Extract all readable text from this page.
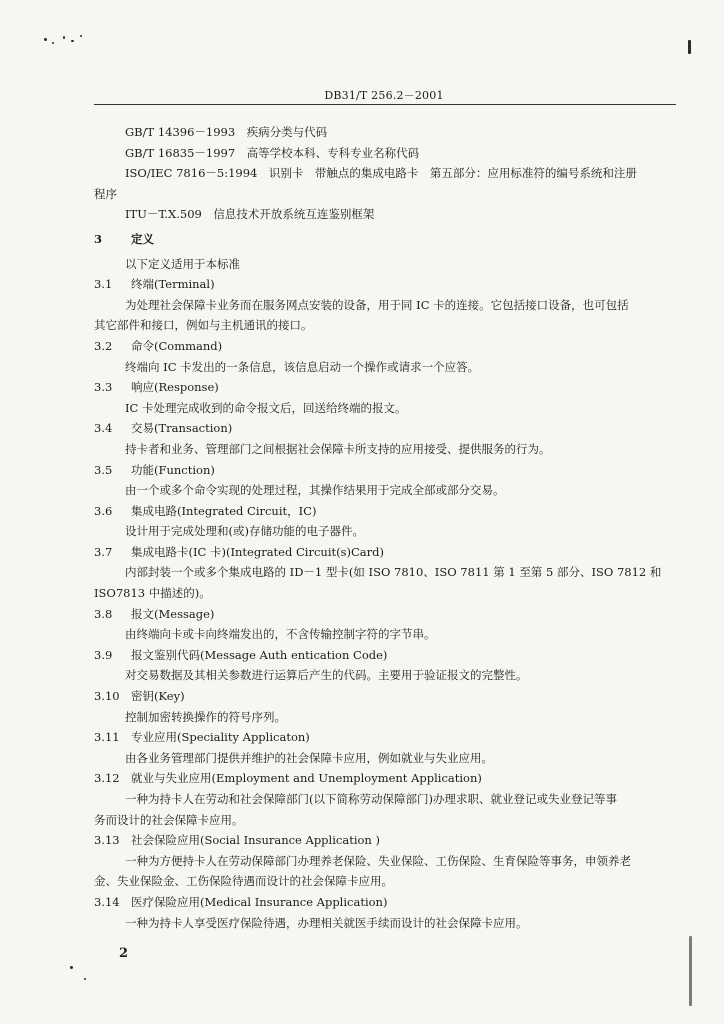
DB31/T 256.2－2001
GB/T 14396－1993　疾病分类与代码
GB/T 16835－1997　高等学校本科、专科专业名称代码
ISO/IEC 7816－5:1994　识别卡　带触点的集成电路卡　第五部分：应用标准符的编号系统和注册
程序
ITU－T.X.509　信息技术开放系统互连鉴别框架
3	定义
以下定义适用于本标准
3.1 终端(Terminal)
为处理社会保障卡业务而在服务网点安装的设备，用于同 IC 卡的连接。它包括接口设备，也可包括
其它部件和接口，例如与主机通讯的接口。
3.2 命令(Command)
终端向 IC 卡发出的一条信息，该信息启动一个操作或请求一个应答。
3.3 响应(Response)
IC 卡处理完成收到的命令报文后，回送给终端的报文。
3.4 交易(Transaction)
持卡者和业务、管理部门之间根据社会保障卡所支持的应用接受、提供服务的行为。
3.5 功能(Function)
由一个或多个命令实现的处理过程，其操作结果用于完成全部或部分交易。
3.6 集成电路(Integrated Circuit，IC)
设计用于完成处理和(或)存储功能的电子器件。
3.7 集成电路卡(IC 卡)(Integrated Circuit(s)Card)
内部封装一个或多个集成电路的 ID－1 型卡(如 ISO 7810、ISO 7811 第 1 至第 5 部分、ISO 7812 和
ISO7813 中描述的)。
3.8 报文(Message)
由终端向卡或卡向终端发出的，不含传输控制字符的字节串。
3.9 报文鉴别代码(Message Auth entication Code)
对交易数据及其相关参数进行运算后产生的代码。主要用于验证报文的完整性。
3.10 密钥(Key)
控制加密转换操作的符号序列。
3.11 专业应用(Speciality Applicaton)
由各业务管理部门提供并维护的社会保障卡应用，例如就业与失业应用。
3.12 就业与失业应用(Employment and Unemployment Application)
一种为持卡人在劳动和社会保障部门(以下简称劳动保障部门)办理求职、就业登记或失业登记等事
务而设计的社会保障卡应用。
3.13 社会保险应用(Social Insurance Application )
一种为方便持卡人在劳动保障部门办理养老保险、失业保险、工伤保险、生育保险等事务，申领养老
金、失业保险金、工伤保险待遇而设计的社会保障卡应用。
3.14 医疗保险应用(Medical Insurance Application)
一种为持卡人享受医疗保险待遇，办理相关就医手续而设计的社会保障卡应用。
2
